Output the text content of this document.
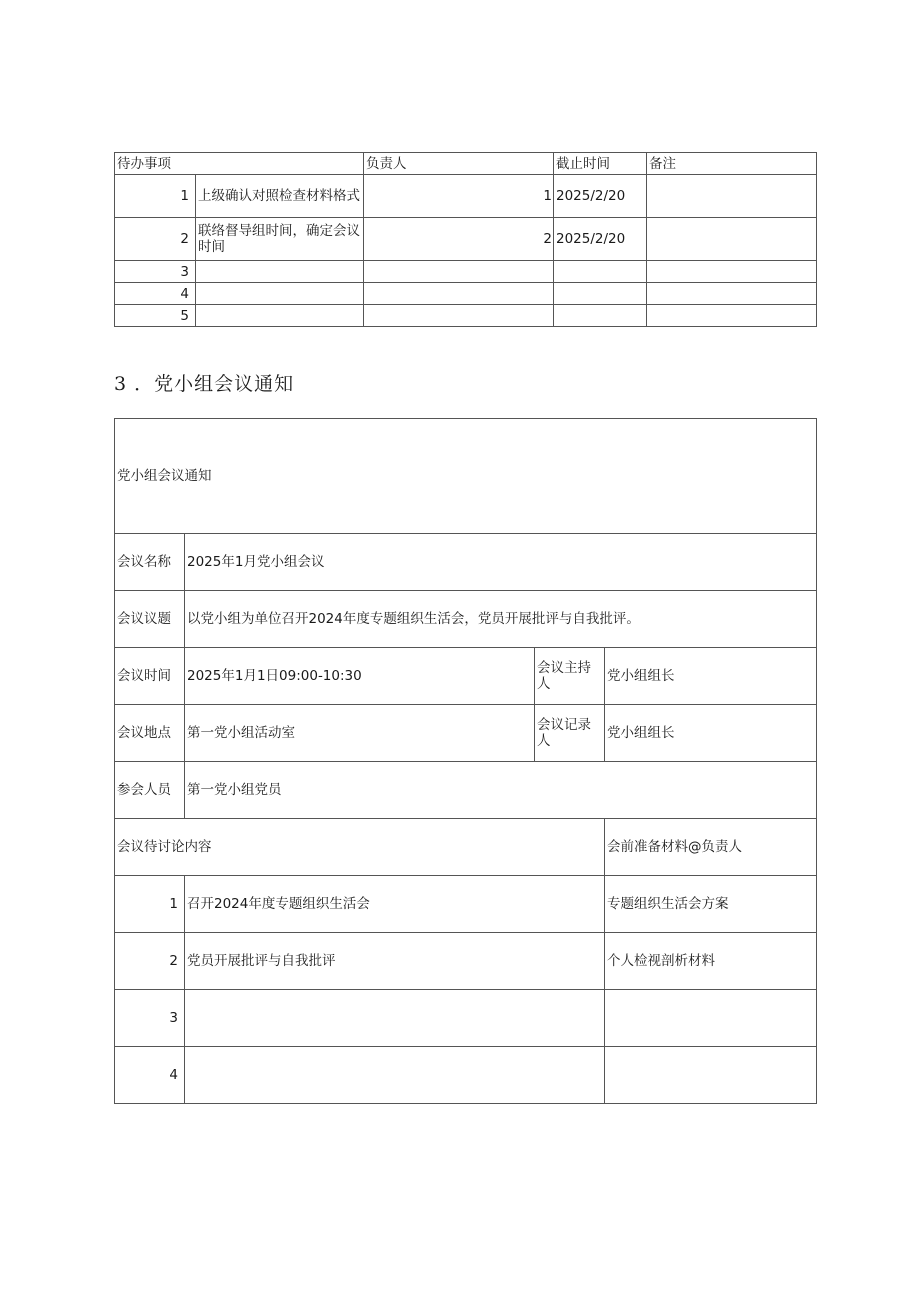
待办事项		负责人	截止时间	备注
1	上级确认对照检查材料格式	1	2025/2/20	
2	联络督导组时间，确定会议时间	2	2025/2/20	
3				
4				
5				
3 ．党小组会议通知
党小组会议通知			
会议名称	2025年1月党小组会议		
会议议题	以党小组为单位召开2024年度专题组织生活会，党员开展批评与自我批评。		
会议时间	2025年1月1日09:00-10:30	会议主持人	党小组组长
会议地点	第一党小组活动室	会议记录人	党小组组长
参会人员	第一党小组党员		
会议待讨论内容			会前准备材料@负责人
1	召开2024年度专题组织生活会		专题组织生活会方案
2	党员开展批评与自我批评		个人检视剖析材料
3			
4			
